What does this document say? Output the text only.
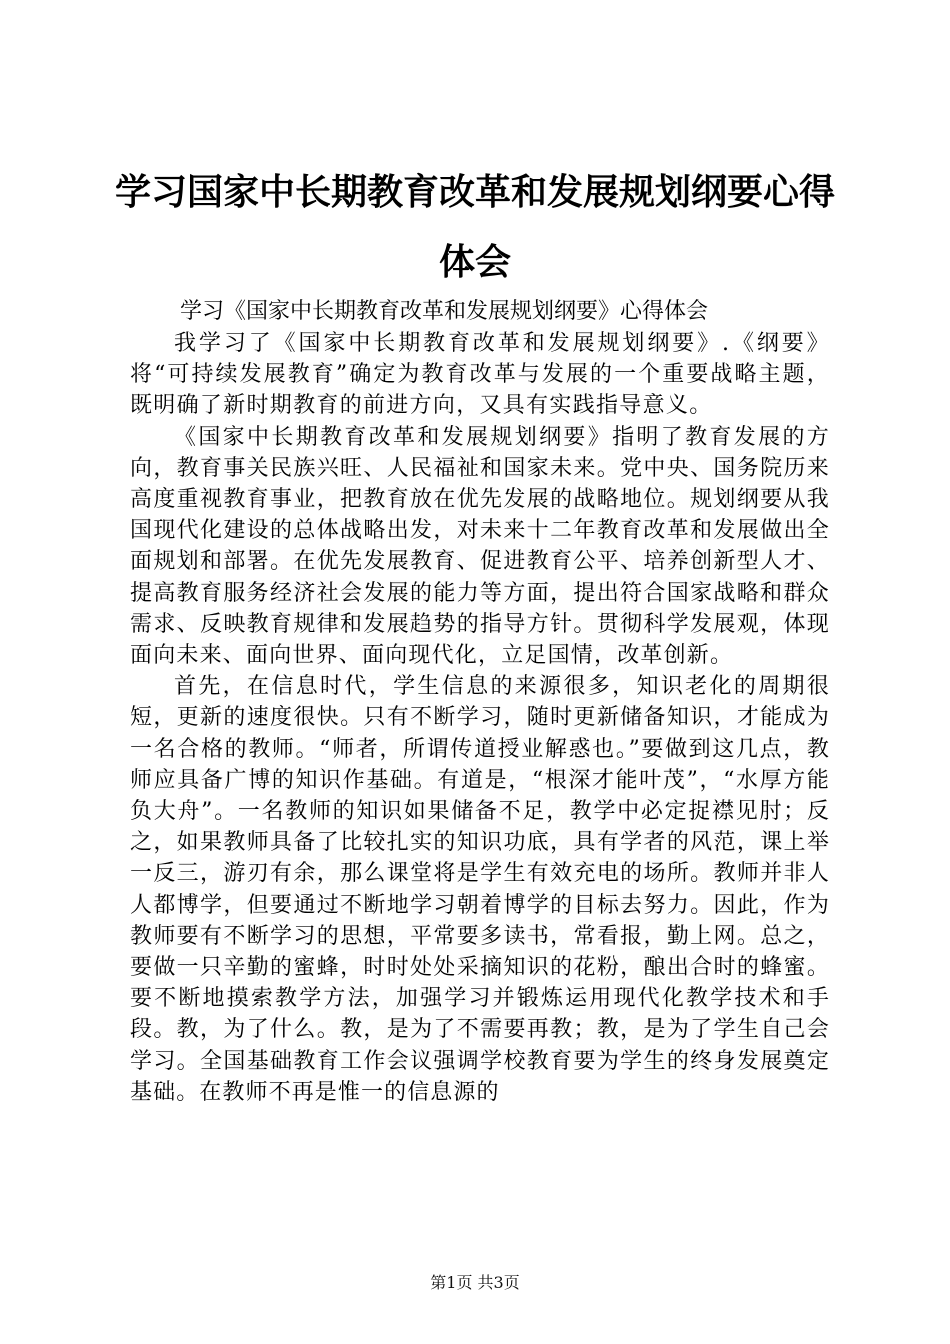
学习国家中长期教育改革和发展规划纲要心得体会
学习《国家中长期教育改革和发展规划纲要》心得体会

我学习了《国家中长期教育改革和发展规划纲要》.《纲要》将“可持续发展教育”确定为教育改革与发展的一个重要战略主题，既明确了新时期教育的前进方向，又具有实践指导意义。

《国家中长期教育改革和发展规划纲要》指明了教育发展的方向，教育事关民族兴旺、人民福祉和国家未来。党中央、国务院历来高度重视教育事业，把教育放在优先发展的战略地位。规划纲要从我国现代化建设的总体战略出发，对未来十二年教育改革和发展做出全面规划和部署。在优先发展教育、促进教育公平、培养创新型人才、提高教育服务经济社会发展的能力等方面，提出符合国家战略和群众需求、反映教育规律和发展趋势的指导方针。贯彻科学发展观，体现面向未来、面向世界、面向现代化，立足国情，改革创新。

首先，在信息时代，学生信息的来源很多，知识老化的周期很短，更新的速度很快。只有不断学习，随时更新储备知识，才能成为一名合格的教师。“师者，所谓传道授业解惑也。”要做到这几点，教师应具备广博的知识作基础。有道是，“根深才能叶茂”，“水厚方能负大舟”。一名教师的知识如果储备不足，教学中必定捉襟见肘；反之，如果教师具备了比较扎实的知识功底，具有学者的风范，课上举一反三，游刃有余，那么课堂将是学生有效充电的场所。教师并非人人都博学，但要通过不断地学习朝着博学的目标去努力。因此，作为教师要有不断学习的思想，平常要多读书，常看报，勤上网。总之，要做一只辛勤的蜜蜂，时时处处采摘知识的花粉，酿出合时的蜂蜜。要不断地摸索教学方法，加强学习并锻炼运用现代化教学技术和手段。教，为了什么。教，是为了不需要再教；教，是为了学生自己会学习。全国基础教育工作会议强调学校教育要为学生的终身发展奠定基础。在教师不再是惟一的信息源的

第1页 共3页
